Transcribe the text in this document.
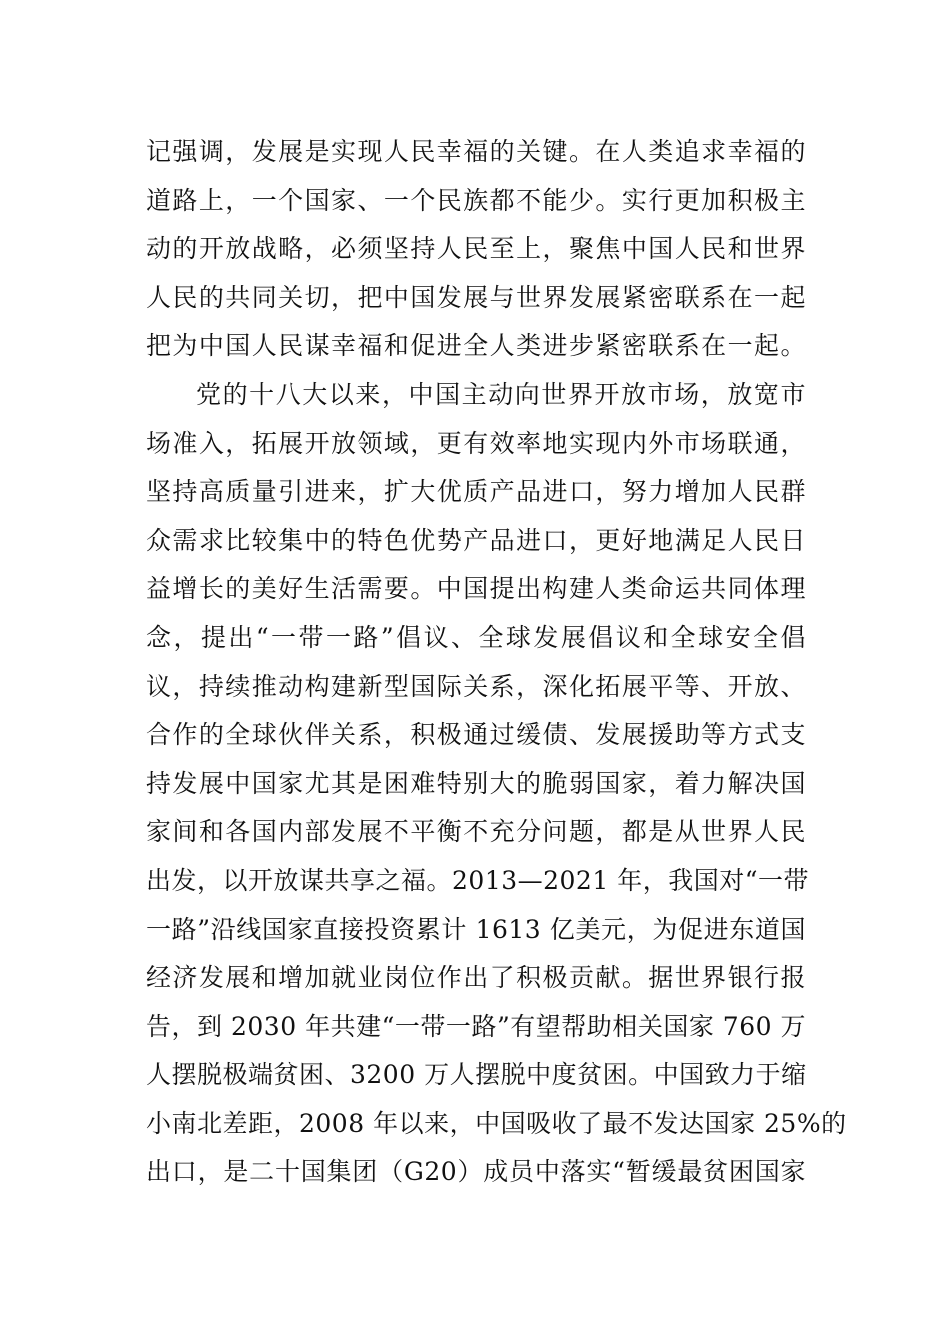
记强调，发展是实现人民幸福的关键。在人类追求幸福的
道路上，一个国家、一个民族都不能少。实行更加积极主
动的开放战略，必须坚持人民至上，聚焦中国人民和世界
人民的共同关切，把中国发展与世界发展紧密联系在一起
把为中国人民谋幸福和促进全人类进步紧密联系在一起。
党的十八大以来，中国主动向世界开放市场，放宽市
场准入，拓展开放领域，更有效率地实现内外市场联通，
坚持高质量引进来，扩大优质产品进口，努力增加人民群
众需求比较集中的特色优势产品进口，更好地满足人民日
益增长的美好生活需要。中国提出构建人类命运共同体理
念，提出“一带一路”倡议、全球发展倡议和全球安全倡
议，持续推动构建新型国际关系，深化拓展平等、开放、
合作的全球伙伴关系，积极通过缓债、发展援助等方式支
持发展中国家尤其是困难特别大的脆弱国家，着力解决国
家间和各国内部发展不平衡不充分问题，都是从世界人民
出发，以开放谋共享之福。2013—2021 年，我国对“一带
一路”沿线国家直接投资累计 1613 亿美元，为促进东道国
经济发展和增加就业岗位作出了积极贡献。据世界银行报
告，到 2030 年共建“一带一路”有望帮助相关国家 760 万
人摆脱极端贫困、3200 万人摆脱中度贫困。中国致力于缩
小南北差距，2008 年以来，中国吸收了最不发达国家 25%的
出口，是二十国集团（G20）成员中落实“暂缓最贫困国家
